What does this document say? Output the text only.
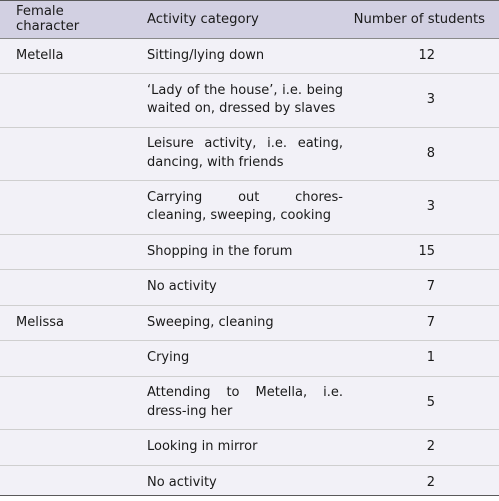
Female character	Activity category	Number of students
Metella	Sitting/lying down	12
	‘Lady of the house’, i.e. being waited on, dressed by slaves	3
	Leisure activity, i.e. eating, dancing, with friends	8
	Carrying out chores- cleaning, sweeping, cooking	3
	Shopping in the forum	15
	No activity	7
Melissa	Sweeping, cleaning	7
	Crying	1
	Attending to Metella, i.e. dress-ing her	5
	Looking in mirror	2
	No activity	2
